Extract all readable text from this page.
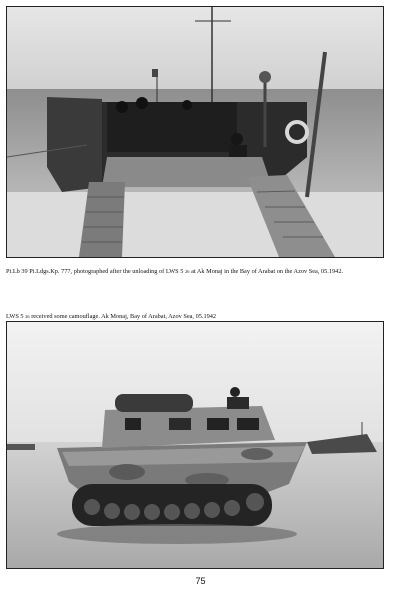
Pi.Lb 39 Pi.Ldgs.Kp. 777, photographed after the unloading of LWS 5 26 at Ak Monaj in the Bay of Arabat on the Azov Sea, 05.1942.

LWS 5 26 received some camouflage. Ak Monaj, Bay of Arabat, Azov Sea, 05.1942

75
